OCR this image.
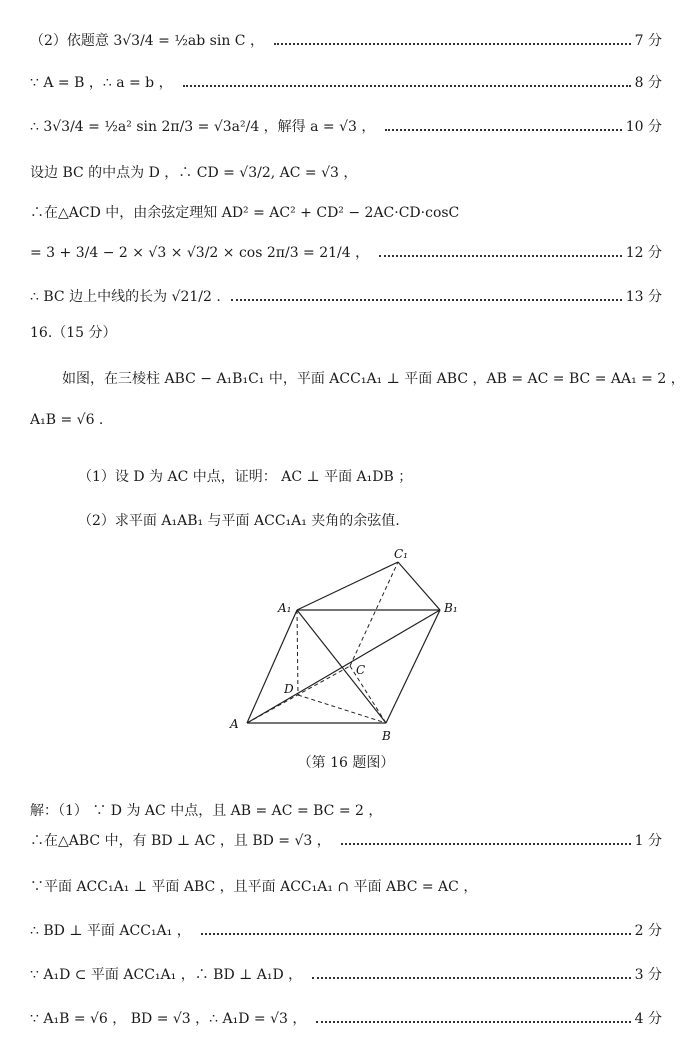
（2）依题意 3√3/4 = ½ab sin C ，	7 分
∵ A = B ，∴ a = b ，	8 分
∴ 3√3/4 = ½a² sin 2π/3 = √3a²/4 ，解得 a = √3 ，	10 分
设边 BC 的中点为 D ，∴ CD = √3/2, AC = √3 ，
∴在△ACD 中，由余弦定理知 AD² = AC² + CD² − 2AC·CD·cosC
= 3 + 3/4 − 2 × √3 × √3/2 × cos 2π/3 = 21/4 ，	12 分
∴ BC 边上中线的长为 √21/2 .	13 分
16.（15 分）
如图，在三棱柱 ABC − A₁B₁C₁ 中，平面 ACC₁A₁ ⊥ 平面 ABC ，AB = AC = BC = AA₁ = 2 ，
A₁B = √6 .
（1）设 D 为 AC 中点，证明： AC ⊥ 平面 A₁DB ；
（2）求平面 A₁AB₁ 与平面 ACC₁A₁ 夹角的余弦值.
C₁
A₁	B₁
C
D
A
B
（第 16 题图）
解：（1） ∵ D 为 AC 中点，且 AB = AC = BC = 2 ，
∴在△ABC 中，有 BD ⊥ AC ，且 BD = √3 ，	1 分
∵平面 ACC₁A₁ ⊥ 平面 ABC ，且平面 ACC₁A₁ ∩ 平面 ABC = AC ，
∴ BD ⊥ 平面 ACC₁A₁ ，	2 分
∵ A₁D ⊂ 平面 ACC₁A₁ ，∴ BD ⊥ A₁D ，	3 分
∵ A₁B = √6 ， BD = √3 ，∴ A₁D = √3 ，	4 分
